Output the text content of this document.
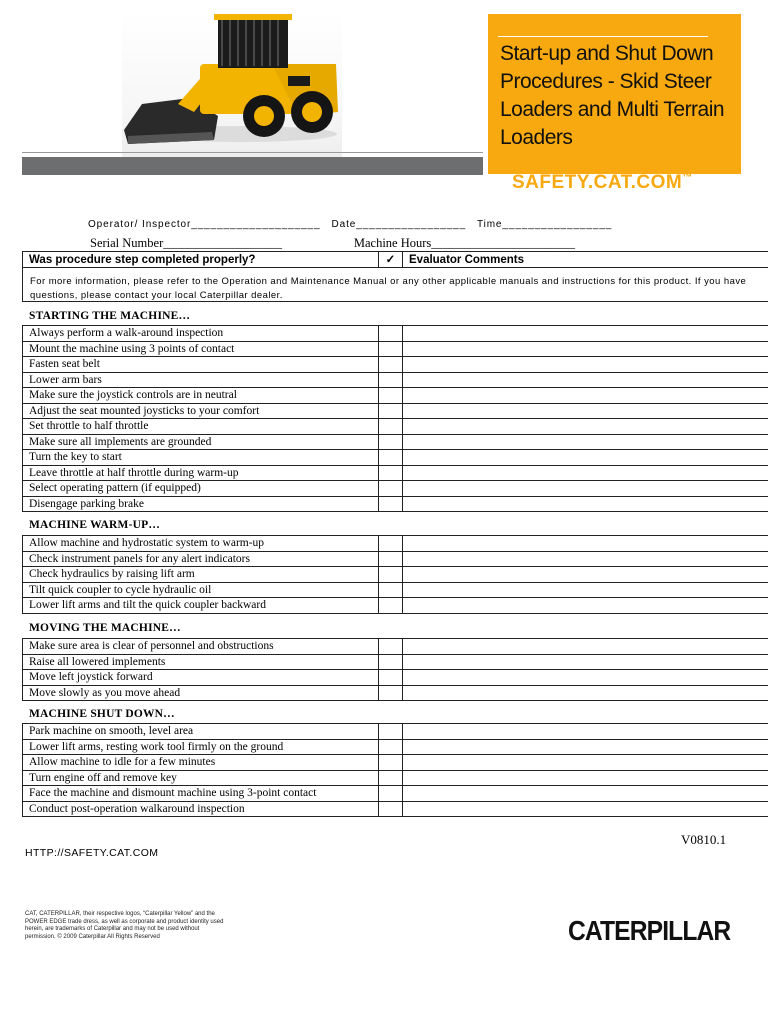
Start-up and Shut Down Procedures - Skid Steer Loaders and Multi Terrain Loaders
SAFETY.CAT.COM™
Operator/ Inspector____________________   Date_________________   Time_________________
Serial Number___________________                       Machine Hours_______________________
Was procedure step completed properly?	✓	Evaluator Comments
For more information, please refer to the Operation and Maintenance Manual or any other applicable manuals and instructions for this product. If you have questions, please contact your local Caterpillar dealer.
STARTING THE MACHINE…
Always perform a walk-around inspection		
Mount the machine using 3 points of contact		
Fasten seat belt		
Lower arm bars		
Make sure the joystick controls are in neutral		
Adjust the seat mounted joysticks to your comfort		
Set throttle to half throttle		
Make sure all implements are grounded		
Turn the key to start		
Leave throttle at half throttle during warm-up		
Select operating pattern (if equipped)		
Disengage parking brake		
MACHINE WARM-UP…
Allow machine and hydrostatic system to warm-up		
Check instrument panels for any alert indicators		
Check hydraulics by raising lift arm		
Tilt quick coupler to cycle hydraulic oil		
Lower lift arms and tilt the quick coupler backward		
MOVING THE MACHINE…
Make sure area is clear of personnel and obstructions		
Raise all lowered implements		
Move left joystick forward		
Move slowly as you move ahead		
MACHINE SHUT DOWN…
Park machine on smooth, level area		
Lower lift arms, resting work tool firmly on the ground		
Allow machine to idle for a few minutes		
Turn engine off and remove key		
Face the machine and dismount machine using 3-point contact		
Conduct post-operation walkaround inspection		
V0810.1
HTTP://SAFETY.CAT.COM
CAT, CATERPILLAR, their respective logos, “Caterpillar Yellow” and the POWER EDGE trade dress, as well as corporate and product identity used herein, are trademarks of Caterpillar and may not be used without permission. © 2009 Caterpillar All Rights Reserved	CATERPILLAR
